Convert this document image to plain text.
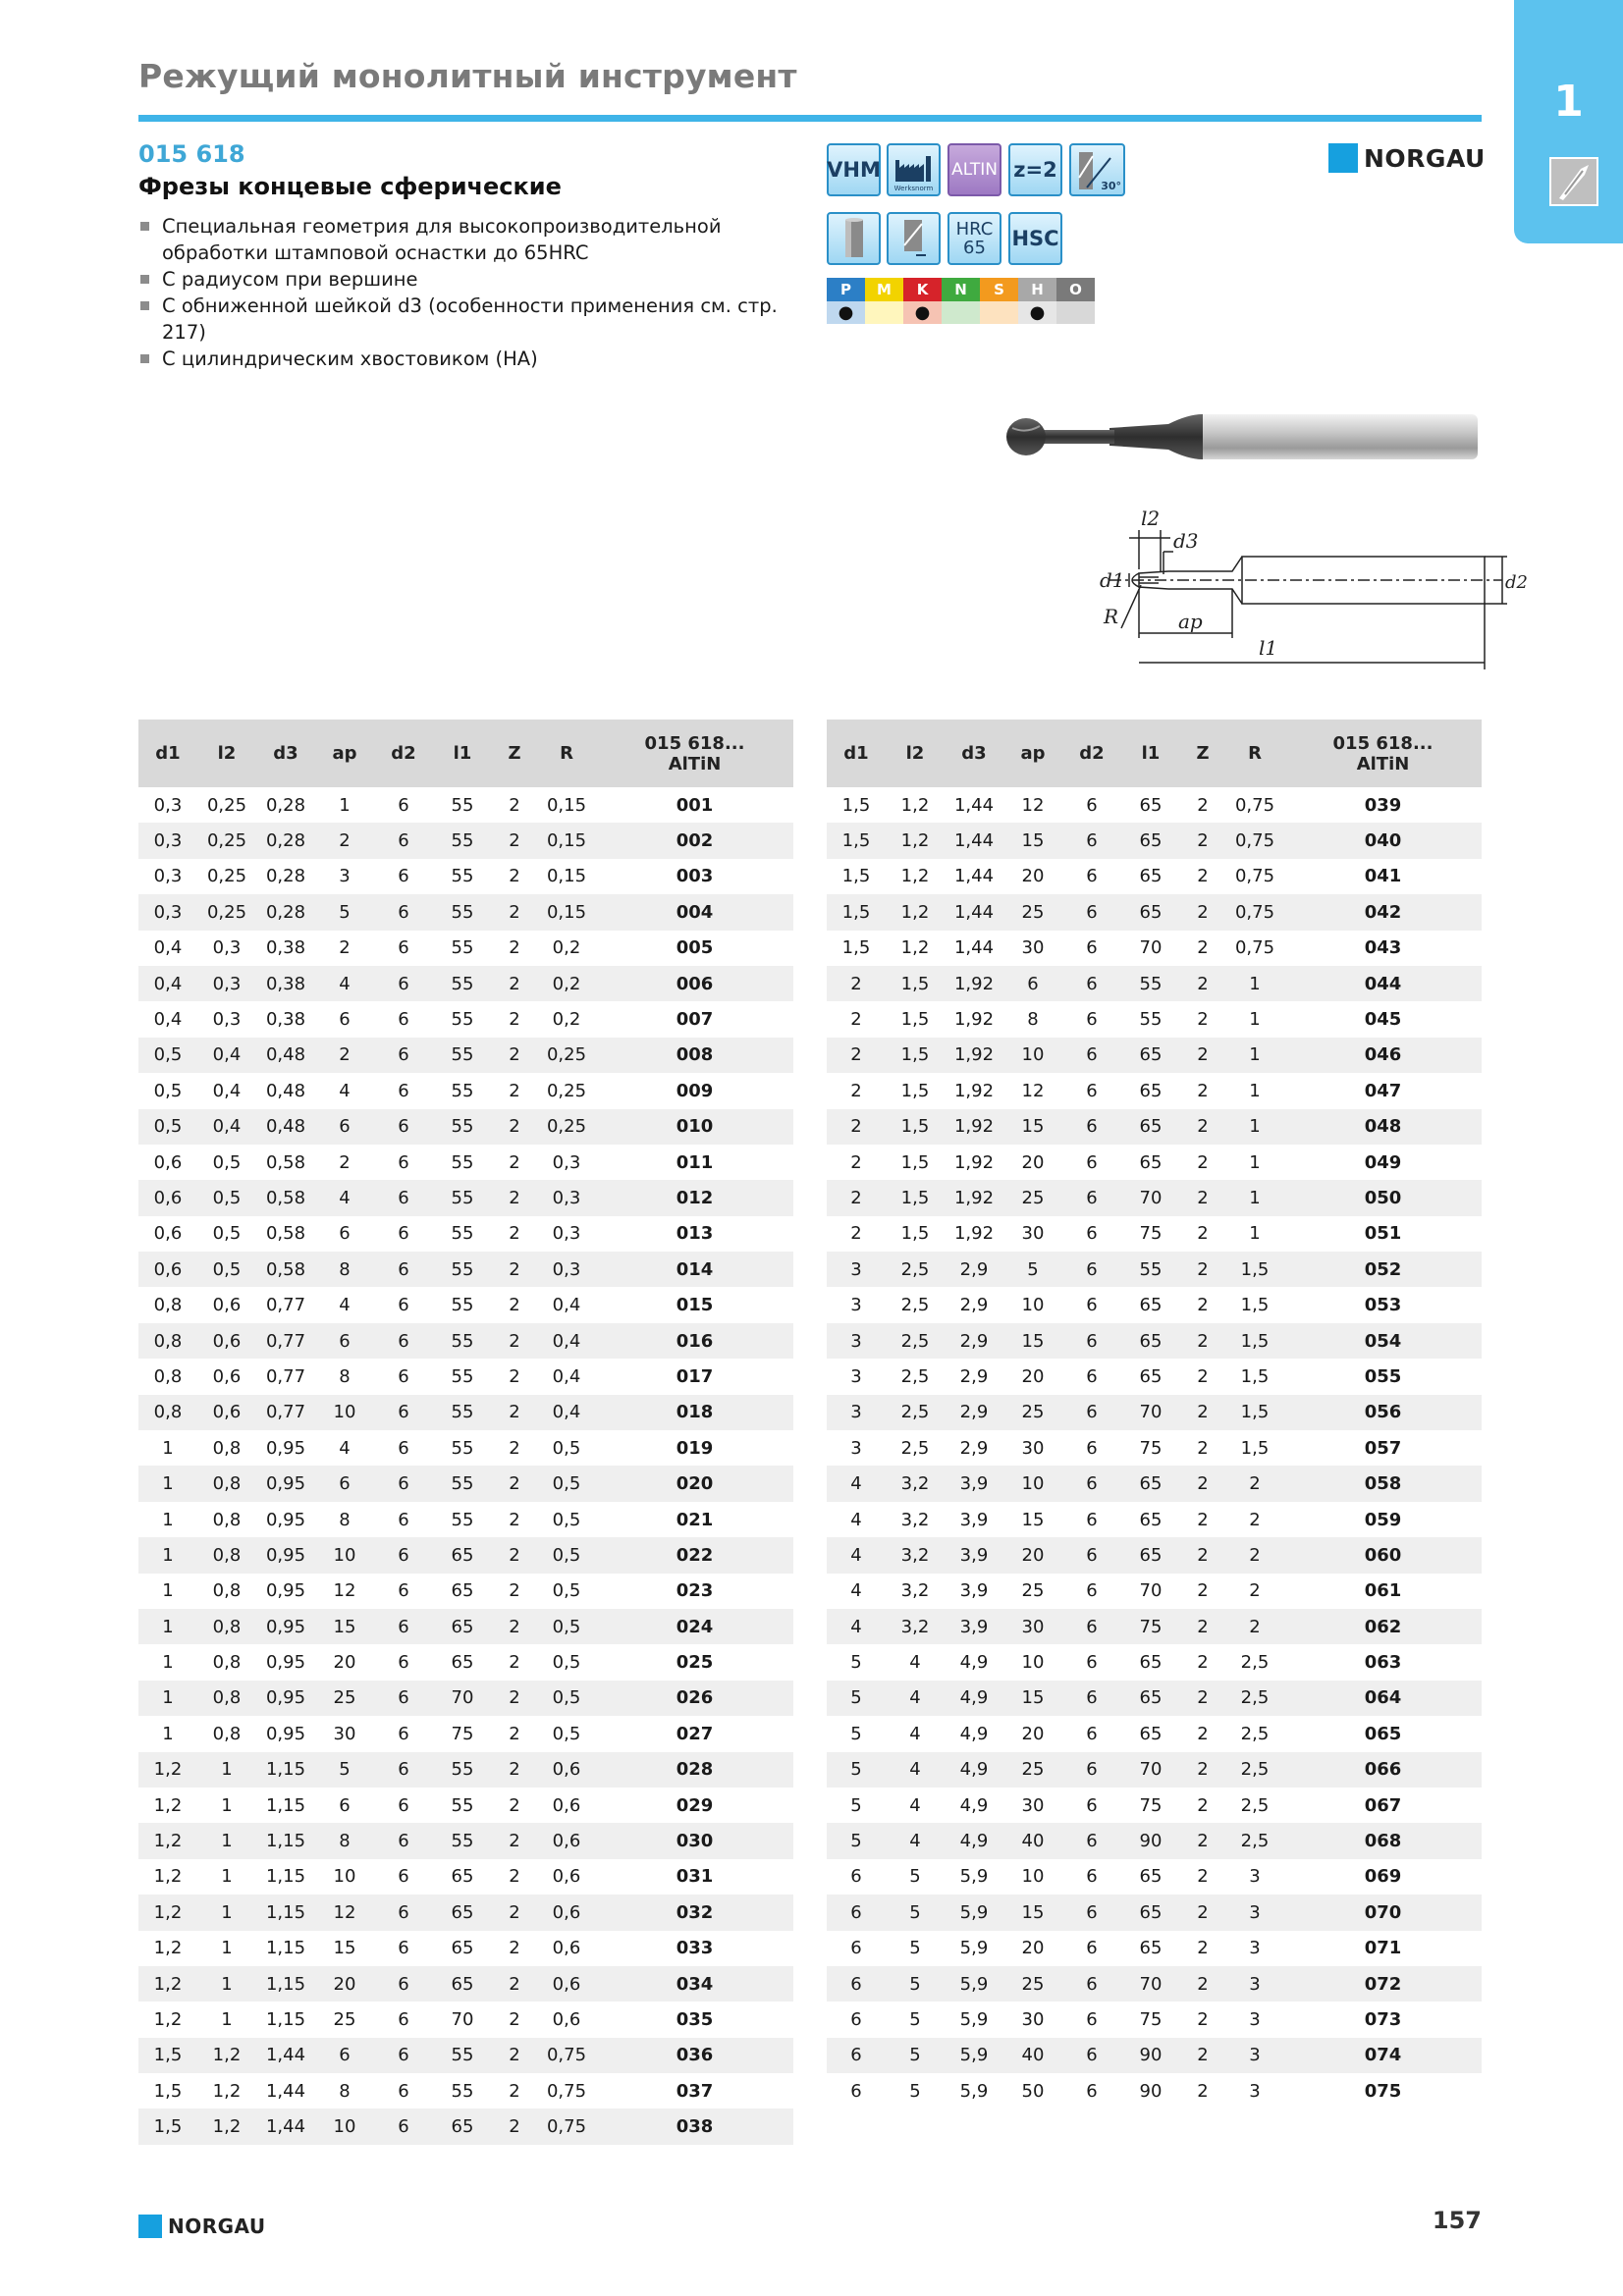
Режущий монолитный инструмент
1
015 618
Фрезы концевые сферические
Специальная геометрия для высокопроизводительной обработки штамповой оснастки до 65HRC
С радиусом при вершине
С обниженной шейкой d3 (особенности применения см. стр. 217)
С цилиндрическим хвостовиком (HA)
VHM
Werksnorm
ALTIN z=2
30°
HRC
65 HSC
P	M	K	N	S	H	O
●		●			●	
NORGAU
l2
d3
d1	d2
R	ap
l1
d1	l2	d3	ap	d2	l1	Z	R	015 618...
AlTiN

0,3	0,25	0,28	1	6	55	2	0,15	001
0,3	0,25	0,28	2	6	55	2	0,15	002
0,3	0,25	0,28	3	6	55	2	0,15	003
0,3	0,25	0,28	5	6	55	2	0,15	004
0,4	0,3	0,38	2	6	55	2	0,2	005
0,4	0,3	0,38	4	6	55	2	0,2	006
0,4	0,3	0,38	6	6	55	2	0,2	007
0,5	0,4	0,48	2	6	55	2	0,25	008
0,5	0,4	0,48	4	6	55	2	0,25	009
0,5	0,4	0,48	6	6	55	2	0,25	010
0,6	0,5	0,58	2	6	55	2	0,3	011
0,6	0,5	0,58	4	6	55	2	0,3	012
0,6	0,5	0,58	6	6	55	2	0,3	013
0,6	0,5	0,58	8	6	55	2	0,3	014
0,8	0,6	0,77	4	6	55	2	0,4	015
0,8	0,6	0,77	6	6	55	2	0,4	016
0,8	0,6	0,77	8	6	55	2	0,4	017
0,8	0,6	0,77	10	6	55	2	0,4	018
1	0,8	0,95	4	6	55	2	0,5	019
1	0,8	0,95	6	6	55	2	0,5	020
1	0,8	0,95	8	6	55	2	0,5	021
1	0,8	0,95	10	6	65	2	0,5	022
1	0,8	0,95	12	6	65	2	0,5	023
1	0,8	0,95	15	6	65	2	0,5	024
1	0,8	0,95	20	6	65	2	0,5	025
1	0,8	0,95	25	6	70	2	0,5	026
1	0,8	0,95	30	6	75	2	0,5	027
1,2	1	1,15	5	6	55	2	0,6	028
1,2	1	1,15	6	6	55	2	0,6	029
1,2	1	1,15	8	6	55	2	0,6	030
1,2	1	1,15	10	6	65	2	0,6	031
1,2	1	1,15	12	6	65	2	0,6	032
1,2	1	1,15	15	6	65	2	0,6	033
1,2	1	1,15	20	6	65	2	0,6	034
1,2	1	1,15	25	6	70	2	0,6	035
1,5	1,2	1,44	6	6	55	2	0,75	036
1,5	1,2	1,44	8	6	55	2	0,75	037
1,5	1,2	1,44	10	6	65	2	0,75	038
d1	l2	d3	ap	d2	l1	Z	R	015 618...
AlTiN

1,5	1,2	1,44	12	6	65	2	0,75	039
1,5	1,2	1,44	15	6	65	2	0,75	040
1,5	1,2	1,44	20	6	65	2	0,75	041
1,5	1,2	1,44	25	6	65	2	0,75	042
1,5	1,2	1,44	30	6	70	2	0,75	043
2	1,5	1,92	6	6	55	2	1	044
2	1,5	1,92	8	6	55	2	1	045
2	1,5	1,92	10	6	65	2	1	046
2	1,5	1,92	12	6	65	2	1	047
2	1,5	1,92	15	6	65	2	1	048
2	1,5	1,92	20	6	65	2	1	049
2	1,5	1,92	25	6	70	2	1	050
2	1,5	1,92	30	6	75	2	1	051
3	2,5	2,9	5	6	55	2	1,5	052
3	2,5	2,9	10	6	65	2	1,5	053
3	2,5	2,9	15	6	65	2	1,5	054
3	2,5	2,9	20	6	65	2	1,5	055
3	2,5	2,9	25	6	70	2	1,5	056
3	2,5	2,9	30	6	75	2	1,5	057
4	3,2	3,9	10	6	65	2	2	058
4	3,2	3,9	15	6	65	2	2	059
4	3,2	3,9	20	6	65	2	2	060
4	3,2	3,9	25	6	70	2	2	061
4	3,2	3,9	30	6	75	2	2	062
5	4	4,9	10	6	65	2	2,5	063
5	4	4,9	15	6	65	2	2,5	064
5	4	4,9	20	6	65	2	2,5	065
5	4	4,9	25	6	70	2	2,5	066
5	4	4,9	30	6	75	2	2,5	067
5	4	4,9	40	6	90	2	2,5	068
6	5	5,9	10	6	65	2	3	069
6	5	5,9	15	6	65	2	3	070
6	5	5,9	20	6	65	2	3	071
6	5	5,9	25	6	70	2	3	072
6	5	5,9	30	6	75	2	3	073
6	5	5,9	40	6	90	2	3	074
6	5	5,9	50	6	90	2	3	075
NORGAU	157
